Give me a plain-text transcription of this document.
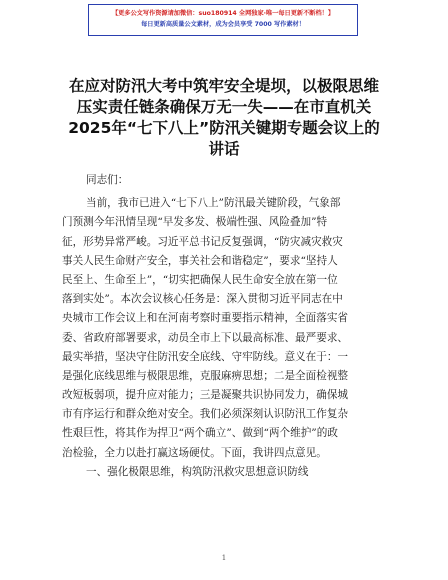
【更多公文写作资源请加微信：suo180914 全网独家·唯一每日更新不断档！】
每日更新高质量公文素材，成为会员享受 7000 写作素材！
在应对防汛大考中筑牢安全堤坝，以极限思维
压实责任链条确保万无一失——在市直机关
2025年“七下八上”防汛关键期专题会议上的
讲话
同志们：
当前，我市已进入“七下八上”防汛最关键阶段，气象部
门预测今年汛情呈现“早发多发、极端性强、风险叠加”特
征，形势异常严峻。习近平总书记反复强调，“防灾减灾救灾
事关人民生命财产安全，事关社会和谐稳定”，要求“坚持人
民至上、生命至上”，“切实把确保人民生命安全放在第一位
落到实处”。本次会议核心任务是：深入贯彻习近平同志在中
央城市工作会议上和在河南考察时重要指示精神，全面落实省
委、省政府部署要求，动员全市上下以最高标准、最严要求、
最实举措，坚决守住防汛安全底线、守牢防线。意义在于：一
是强化底线思维与极限思维，克服麻痹思想；二是全面检视整
改短板弱项，提升应对能力；三是凝聚共识协同发力，确保城
市有序运行和群众绝对安全。我们必须深刻认识防汛工作复杂
性艰巨性，将其作为捍卫“两个确立”、做到“两个维护”的政
治检验，全力以赴打赢这场硬仗。下面，我讲四点意见。
一、强化极限思维，构筑防汛救灾思想意识防线
1
